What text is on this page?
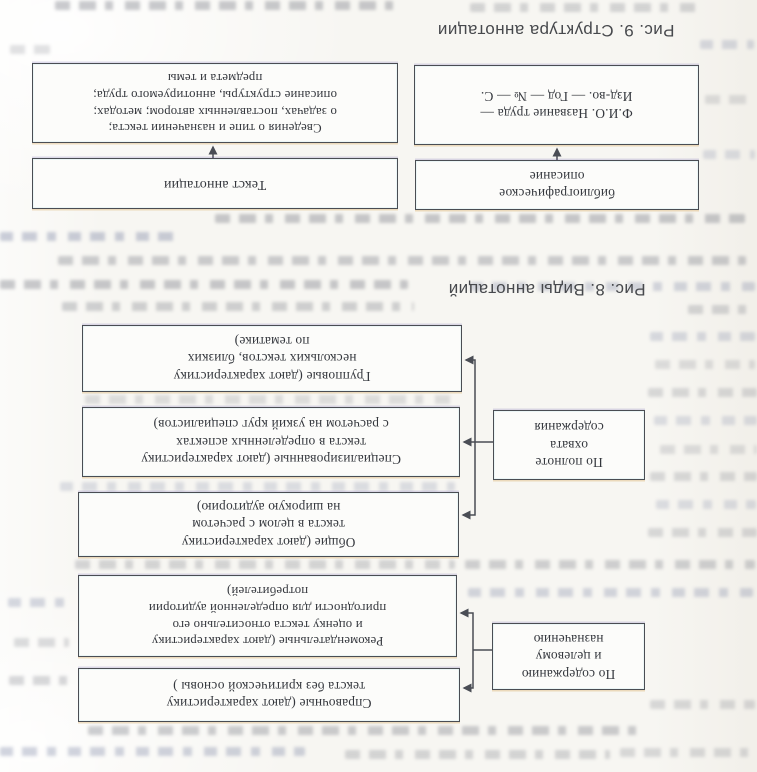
Рис. 9. Структура аннотации
Сведения о типе и назначении текста;
о задачах, поставленных автором; методах;
описание структуры, аннотируемого труда;
предмета и темы
Ф.И.О. Название труда —
Изд-во. — Год — № — С.
Текст аннотации
библиографическое
описание
Рис. 8. Виды аннотаций
Групповые (дают характеристику
нескольких текстов, близких
по тематике)
Специализированные (дают характеристику
текста в определенных аспектах
с расчетом на узкий круг специалистов)
Общие (дают характеристику
текста в целом с расчетом
на широкую аудиторию)
По полноте
охвата
содержания
Рекомендательные (дают характеристику
и оценку текста относительно его
пригодности для определенной аудитории
потребителей)
Справочные (дают характеристику
текста без критической основы )
По содержанию
и целевому
назначению
